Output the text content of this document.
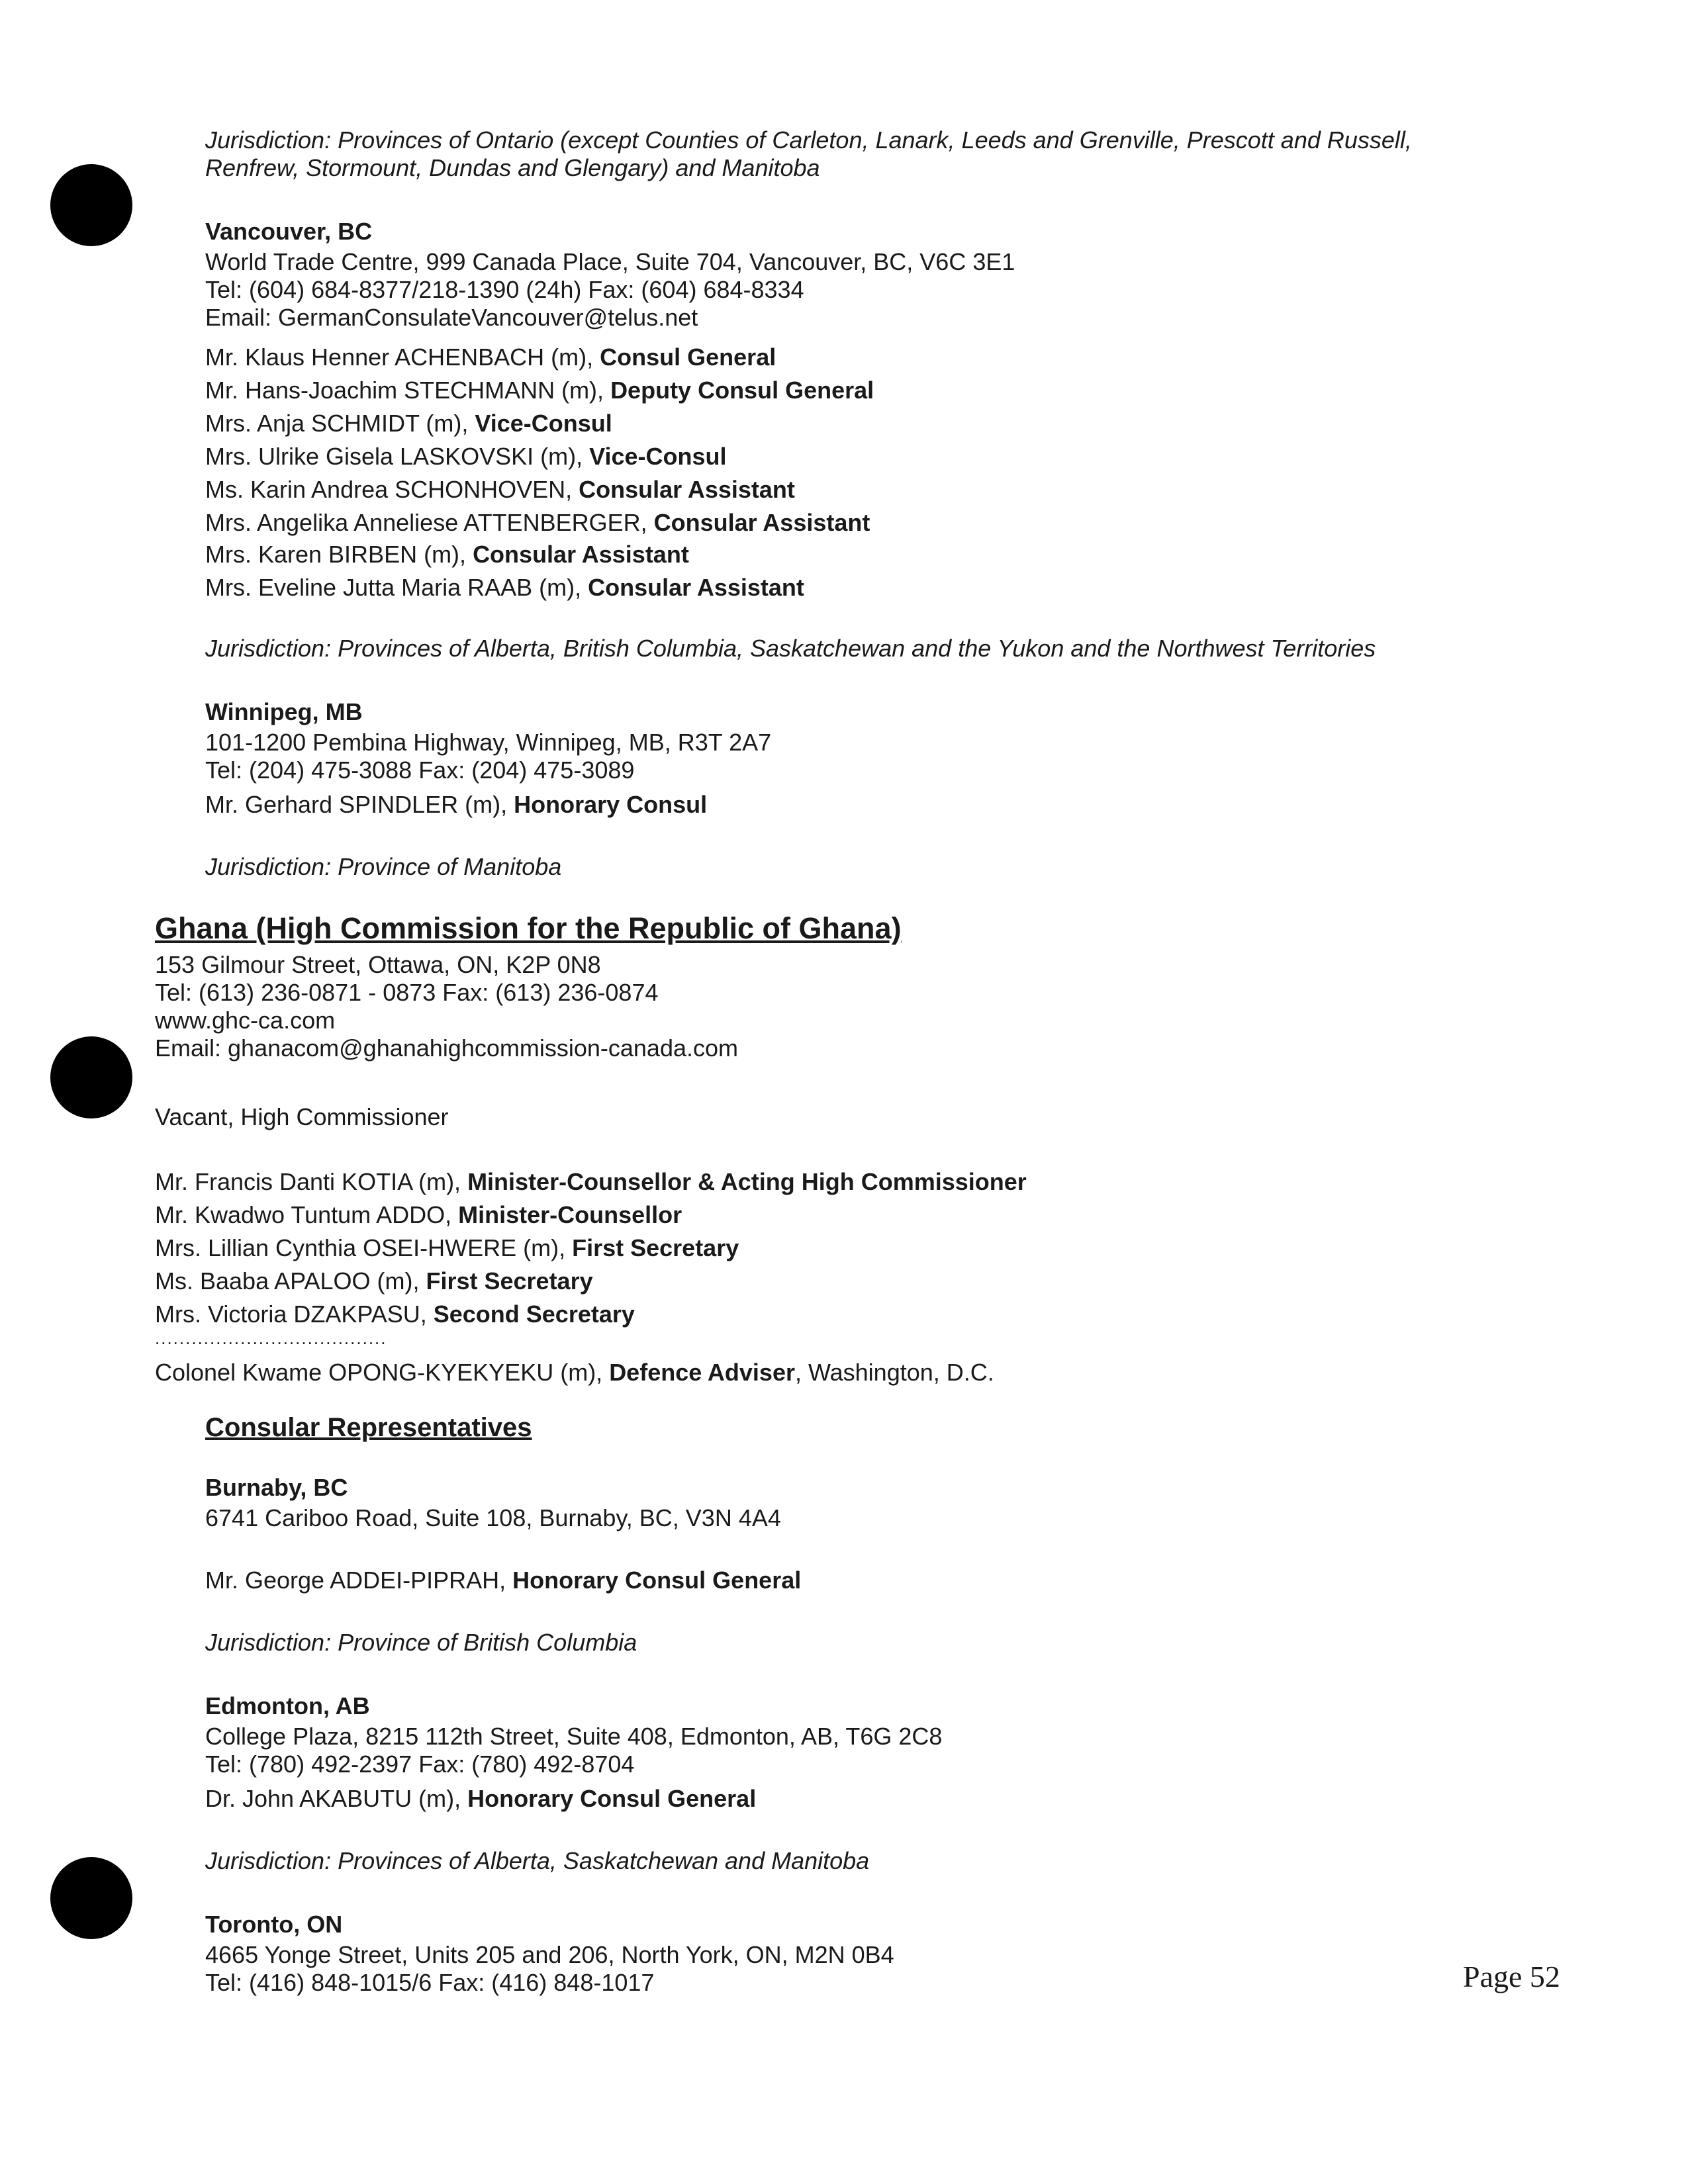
Jurisdiction: Provinces of Ontario (except Counties of Carleton, Lanark, Leeds and Grenville, Prescott and Russell,
Renfrew, Stormount, Dundas and Glengary) and Manitoba
Vancouver, BC
World Trade Centre, 999 Canada Place, Suite 704, Vancouver, BC, V6C 3E1
Tel: (604) 684-8377/218-1390 (24h) Fax: (604) 684-8334
Email: GermanConsulateVancouver@telus.net
Mr. Klaus Henner ACHENBACH (m), Consul General
Mr. Hans-Joachim STECHMANN (m), Deputy Consul General
Mrs. Anja SCHMIDT (m), Vice-Consul
Mrs. Ulrike Gisela LASKOVSKI (m), Vice-Consul
Ms. Karin Andrea SCHONHOVEN, Consular Assistant
Mrs. Angelika Anneliese ATTENBERGER, Consular Assistant
Mrs. Karen BIRBEN (m), Consular Assistant
Mrs. Eveline Jutta Maria RAAB (m), Consular Assistant
Jurisdiction: Provinces of Alberta, British Columbia, Saskatchewan and the Yukon and the Northwest Territories
Winnipeg, MB
101-1200 Pembina Highway, Winnipeg, MB, R3T 2A7
Tel: (204) 475-3088 Fax: (204) 475-3089
Mr. Gerhard SPINDLER (m), Honorary Consul
Jurisdiction: Province of Manitoba
Ghana (High Commission for the Republic of Ghana)
153 Gilmour Street, Ottawa, ON, K2P 0N8
Tel: (613) 236-0871 - 0873 Fax: (613) 236-0874
www.ghc-ca.com
Email: ghanacom@ghanahighcommission-canada.com
Vacant, High Commissioner
Mr. Francis Danti KOTIA (m), Minister-Counsellor & Acting High Commissioner
Mr. Kwadwo Tuntum ADDO, Minister-Counsellor
Mrs. Lillian Cynthia OSEI-HWERE (m), First Secretary
Ms. Baaba APALOO (m), First Secretary
Mrs. Victoria DZAKPASU, Second Secretary
......................................
Colonel Kwame OPONG-KYEKYEKU (m), Defence Adviser, Washington, D.C.
Consular Representatives
Burnaby, BC
6741 Cariboo Road, Suite 108, Burnaby, BC, V3N 4A4
Mr. George ADDEI-PIPRAH, Honorary Consul General
Jurisdiction: Province of British Columbia
Edmonton, AB
College Plaza, 8215 112th Street, Suite 408, Edmonton, AB, T6G 2C8
Tel: (780) 492-2397 Fax: (780) 492-8704
Dr. John AKABUTU (m), Honorary Consul General
Jurisdiction: Provinces of Alberta, Saskatchewan and Manitoba
Toronto, ON
4665 Yonge Street, Units 205 and 206, North York, ON, M2N 0B4
Tel: (416) 848-1015/6 Fax: (416) 848-1017	Page 52
